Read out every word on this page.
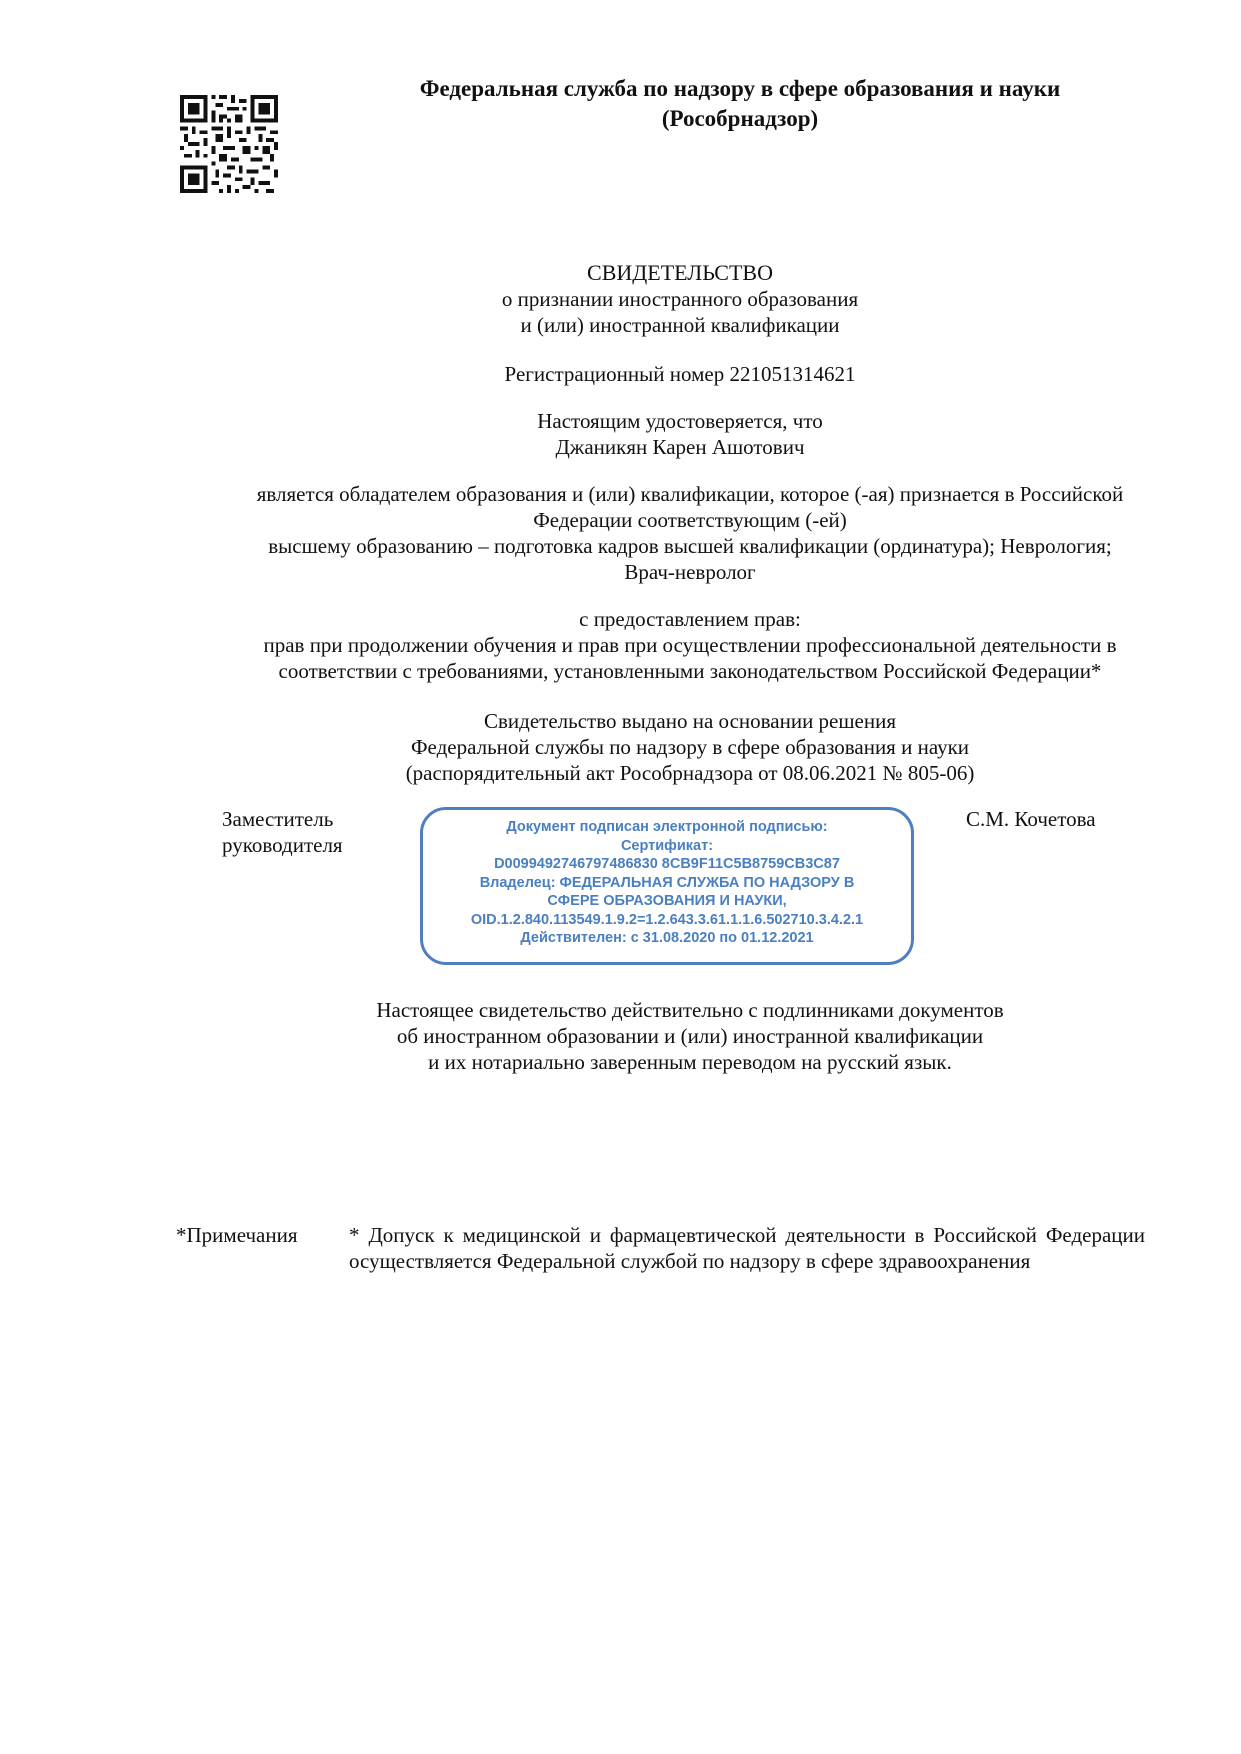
Федеральная служба по надзору в сфере образования и науки
(Рособрнадзор)
СВИДЕТЕЛЬСТВО
о признании иностранного образования
и (или) иностранной квалификации
Регистрационный номер 221051314621
Настоящим удостоверяется, что
Джаникян Карен Ашотович
является обладателем образования и (или) квалификации, которое (-ая) признается в Российской
Федерации соответствующим (-ей)
высшему образованию – подготовка кадров высшей квалификации (ординатура); Неврология;
Врач-невролог
с предоставлением прав:
прав при продолжении обучения и прав при осуществлении профессиональной деятельности в
соответствии с требованиями, установленными законодательством Российской Федерации*
Свидетельство выдано на основании решения
Федеральной службы по надзору в сфере образования и науки
(распорядительный акт Рособрнадзора от 08.06.2021 № 805-06)
Заместитель
руководителя
Документ подписан электронной подписью:
Сертификат:
D0099492746797486830 8CB9F11C5B8759CB3C87
Владелец: ФЕДЕРАЛЬНАЯ СЛУЖБА ПО НАДЗОРУ В
СФЕРЕ ОБРАЗОВАНИЯ И НАУКИ,
OID.1.2.840.113549.1.9.2=1.2.643.3.61.1.1.6.502710.3.4.2.1
Действителен: с 31.08.2020 по 01.12.2021
С.М. Кочетова
Настоящее свидетельство действительно с подлинниками документов
об иностранном образовании и (или) иностранной квалификации
и их нотариально заверенным переводом на русский язык.
*Примечания * Допуск к медицинской и фармацевтической деятельности в Российской Федерации осуществляется Федеральной службой по надзору в сфере здравоохранения
